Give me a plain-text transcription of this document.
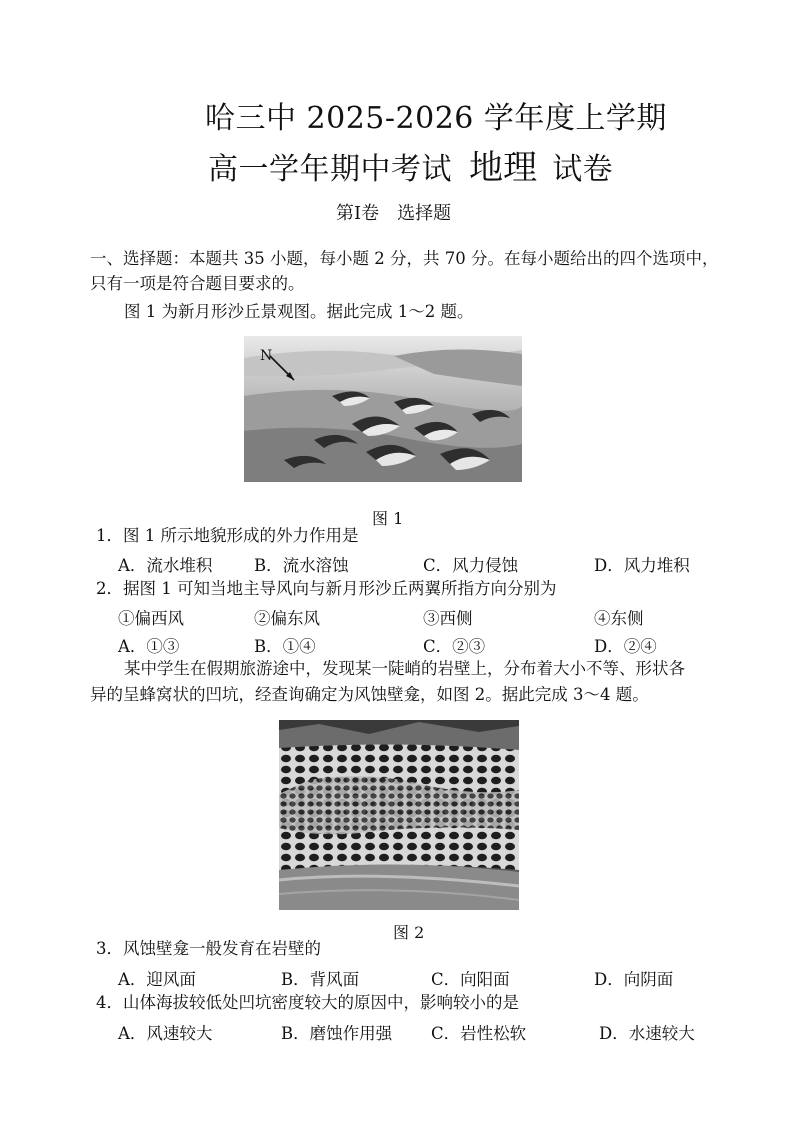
哈三中 2025-2026 学年度上学期
高一学年期中考试 地理 试卷
第Ⅰ卷　选择题
一、选择题：本题共 35 小题，每小题 2 分，共 70 分。在每小题给出的四个选项中，
只有一项是符合题目要求的。
图 1 为新月形沙丘景观图。据此完成 1～2 题。
N
图 1
1．图 1 所示地貌形成的外力作用是
A．流水堆积	B．流水溶蚀	C．风力侵蚀	D．风力堆积
2．据图 1 可知当地主导风向与新月形沙丘两翼所指方向分别为
①偏西风	②偏东风	③西侧	④东侧
A．①③	B．①④	C．②③	D．②④
某中学生在假期旅游途中，发现某一陡峭的岩壁上，分布着大小不等、形状各
异的呈蜂窝状的凹坑，经查询确定为风蚀壁龛，如图 2。据此完成 3～4 题。
图 2
3．风蚀壁龛一般发育在岩壁的
A．迎风面	B．背风面	C．向阳面	D．向阴面
4．山体海拔较低处凹坑密度较大的原因中，影响较小的是
A．风速较大	B．磨蚀作用强 C．岩性松软	D．水速较大
